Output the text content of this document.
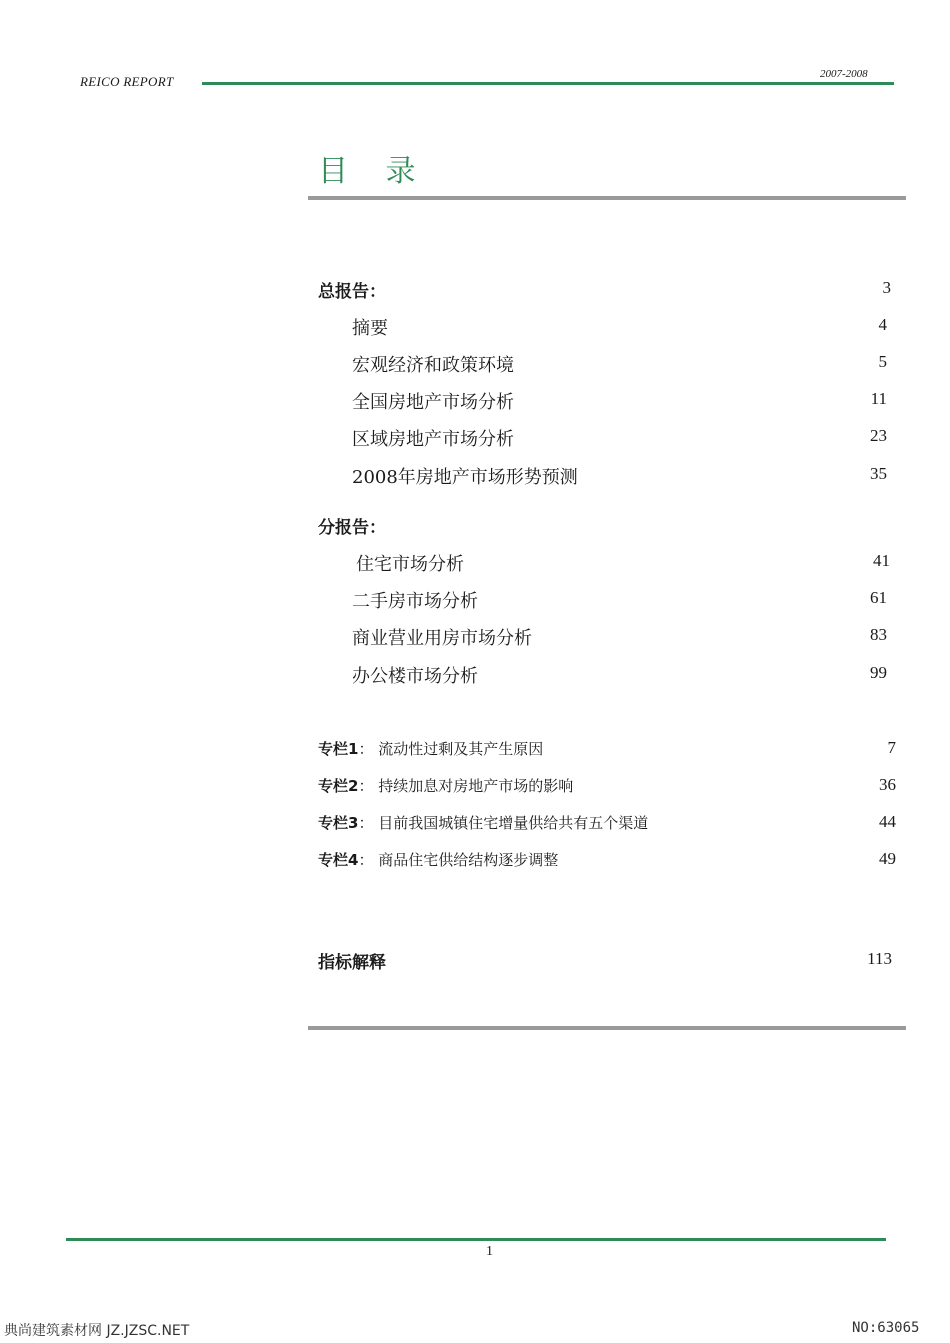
REICO REPORT	2007-2008
目 录
总报告：	3
摘要	4
宏观经济和政策环境	5
全国房地产市场分析	11
区域房地产市场分析	23
2008年房地产市场形势预测	35
分报告：
住宅市场分析	41
二手房市场分析	61
商业营业用房市场分析	83
办公楼市场分析	99
专栏1： 流动性过剩及其产生原因	7
专栏2： 持续加息对房地产市场的影响	36
专栏3： 目前我国城镇住宅增量供给共有五个渠道	44
专栏4： 商品住宅供给结构逐步调整	49
指标解释	113
1
典尚建筑素材网 JZ.JZSC.NET	NO:63065
